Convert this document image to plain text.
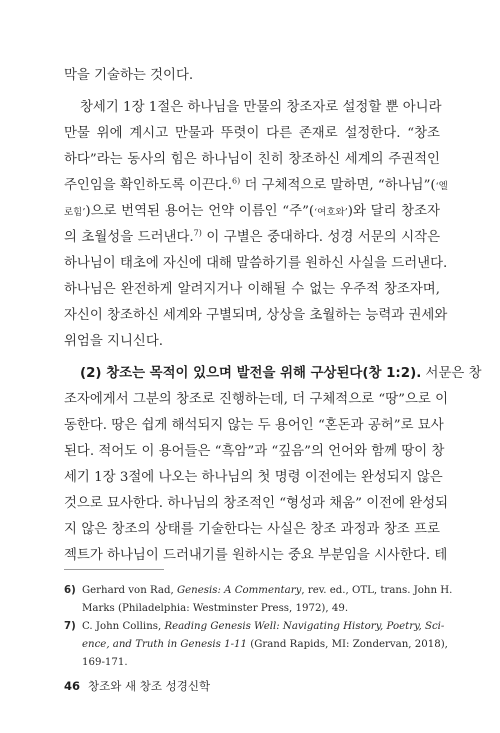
막을 기술하는 것이다.
창세기 1장 1절은 하나님을 만물의 창조자로 설정할 뿐 아니라
만물 위에 계시고 만물과 뚜렷이 다른 존재로 설정한다. “창조
하다”라는 동사의 힘은 하나님이 친히 창조하신 세계의 주권적인
주인임을 확인하도록 이끈다.$^{6)}$ 더 구체적으로 말하면, “하나님”(‘엘
로힘’)으로 번역된 용어는 언약 이름인 “주”(‘여호와’)와 달리 창조자
의 초월성을 드러낸다.$^{7)}$ 이 구별은 중대하다. 성경 서문의 시작은
하나님이 태초에 자신에 대해 말씀하기를 원하신 사실을 드러낸다.
하나님은 완전하게 알려지거나 이해될 수 없는 우주적 창조자며,
자신이 창조하신 세계와 구별되며, 상상을 초월하는 능력과 권세와
위엄을 지니신다.
(2) 창조는 목적이 있으며 발전을 위해 구상된다(창 1:2). 서문은 창
조자에게서 그분의 창조로 진행하는데, 더 구체적으로 “땅”으로 이
동한다. 땅은 쉽게 해석되지 않는 두 용어인 “혼돈과 공허”로 묘사
된다. 적어도 이 용어들은 “흑암”과 “깊음”의 언어와 함께 땅이 창
세기 1장 3절에 나오는 하나님의 첫 명령 이전에는 완성되지 않은
것으로 묘사한다. 하나님의 창조적인 “형성과 채움” 이전에 완성되
지 않은 창조의 상태를 기술한다는 사실은 창조 과정과 창조 프로
젝트가 하나님이 드러내기를 원하시는 중요 부분임을 시사한다. 테
6) Gerhard von Rad, Genesis: A Commentary, rev. ed., OTL, trans. John H.
Marks (Philadelphia: Westminster Press, 1972), 49.
7) C. John Collins, Reading Genesis Well: Navigating History, Poetry, Sci-
ence, and Truth in Genesis 1-11 (Grand Rapids, MI: Zondervan, 2018),
169-171.
46 창조와 새 창조 성경신학
